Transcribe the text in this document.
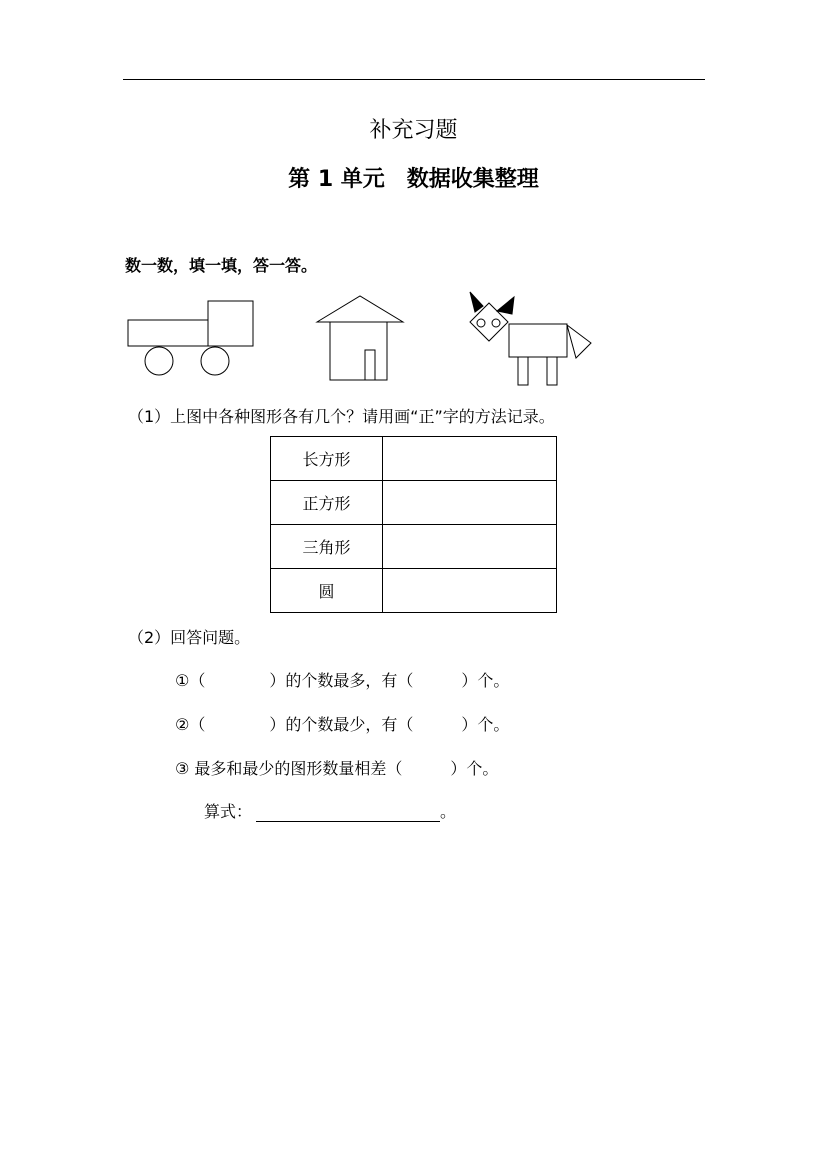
补充习题
第 1 单元　数据收集整理
数一数，填一填，答一答。
（1）上图中各种图形各有几个？请用画“正”字的方法记录。
长方形	
正方形	
三角形	
圆	
（2）回答问题。
①（　　　　）的个数最多，有（　　　）个。
②（　　　　）的个数最少，有（　　　）个。
③ 最多和最少的图形数量相差（　　　）个。
算式：	。
